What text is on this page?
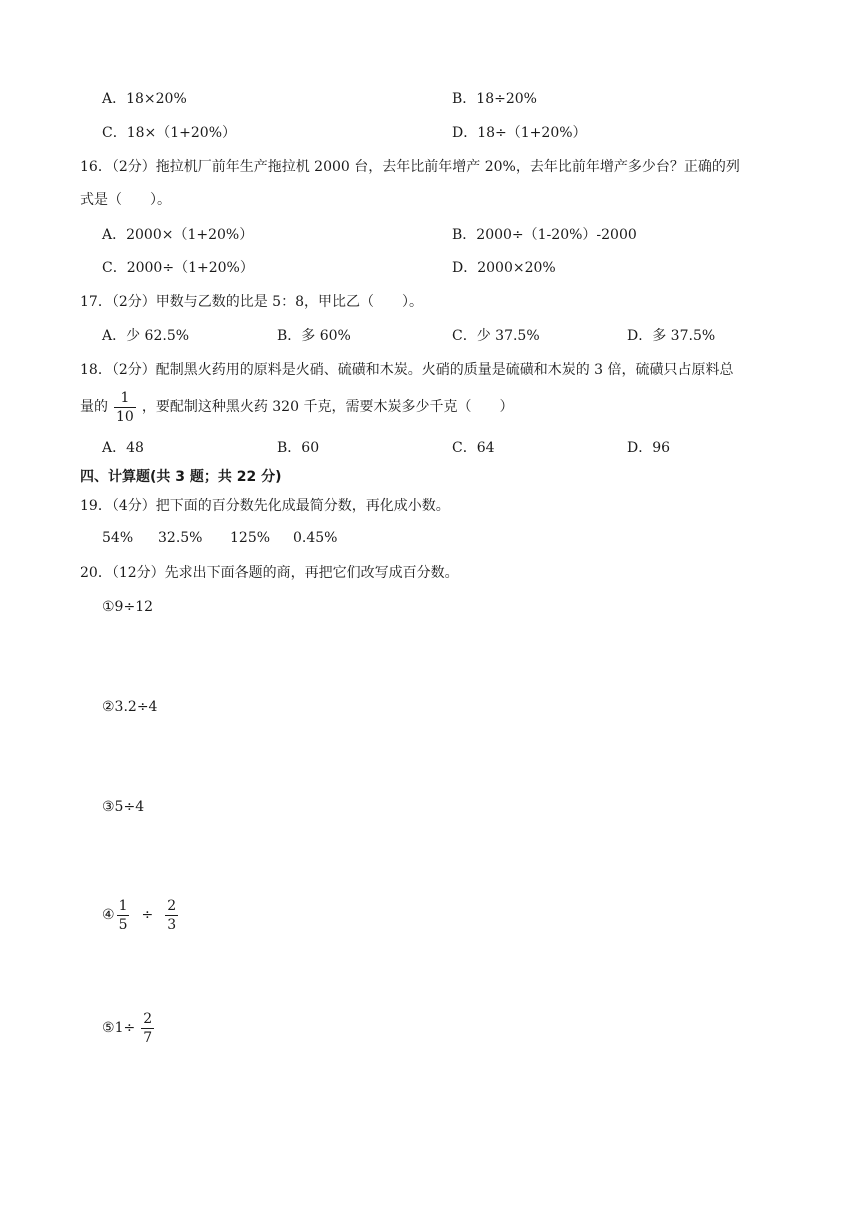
A．18×20%	B．18÷20%
C．18×（1+20%）	D．18÷（1+20%）
16．（2分）拖拉机厂前年生产拖拉机 2000 台，去年比前年增产 20%，去年比前年增产多少台？正确的列
式是（　　）。
A．2000×（1+20%）	B．2000÷（1-20%）-2000
C．2000÷（1+20%）	D．2000×20%
17．（2分）甲数与乙数的比是 5：8，甲比乙（　　）。
A．少 62.5%	B．多 60%	C．少 37.5%	D．多 37.5%
18．（2分）配制黑火药用的原料是火硝、硫磺和木炭。火硝的质量是硫磺和木炭的 3 倍，硫磺只占原料总
量的 $\frac{1}{10}$ ，要配制这种黑火药 320 千克，需要木炭多少千克（　　）
A．48	B．60	C．64	D．96
四、计算题(共 3 题；共 22 分)
19．（4分）把下面的百分数先化成最简分数，再化成小数。
54% 32.5% 125% 0.45%
20．（12分）先求出下面各题的商，再把它们改写成百分数。
①9÷12
②3.2÷4
③5÷4
④ $\frac{1}{5} \div \frac{2}{3}$
⑤1÷ $\frac{2}{7}$
